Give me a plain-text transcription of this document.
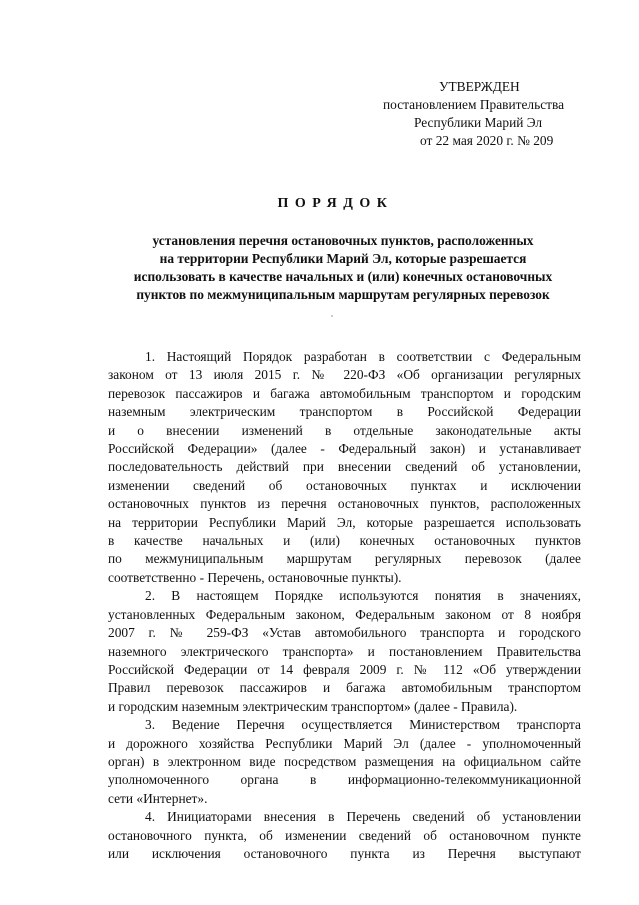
УТВЕРЖДЕН
постановлением Правительства
Республики Марий Эл
от 22 мая 2020 г. № 209
ПОРЯДОК
установления перечня остановочных пунктов, расположенных
на территории Республики Марий Эл, которые разрешается
использовать в качестве начальных и (или) конечных остановочных
пунктов по межмуниципальным маршрутам регулярных перевозок
1. Настоящий Порядок разработан в соответствии с Федеральным
законом от 13 июля 2015 г. № 220-ФЗ «Об организации регулярных
перевозок пассажиров и багажа автомобильным транспортом и городским
наземным электрическим транспортом в Российской Федерации
и о внесении изменений в отдельные законодательные акты
Российской Федерации» (далее - Федеральный закон) и устанавливает
последовательность действий при внесении сведений об установлении,
изменении сведений об остановочных пунктах и исключении
остановочных пунктов из перечня остановочных пунктов, расположенных
на территории Республики Марий Эл, которые разрешается использовать
в качестве начальных и (или) конечных остановочных пунктов
по межмуниципальным маршрутам регулярных перевозок (далее
соответственно - Перечень, остановочные пункты).
2. В настоящем Порядке используются понятия в значениях,
установленных Федеральным законом, Федеральным законом от 8 ноября
2007 г. № 259-ФЗ «Устав автомобильного транспорта и городского
наземного электрического транспорта» и постановлением Правительства
Российской Федерации от 14 февраля 2009 г. № 112 «Об утверждении
Правил перевозок пассажиров и багажа автомобильным транспортом
и городским наземным электрическим транспортом» (далее - Правила).
3. Ведение Перечня осуществляется Министерством транспорта
и дорожного хозяйства Республики Марий Эл (далее - уполномоченный
орган) в электронном виде посредством размещения на официальном сайте
уполномоченного органа в информационно-телекоммуникационной
сети «Интернет».
4. Инициаторами внесения в Перечень сведений об установлении
остановочного пункта, об изменении сведений об остановочном пункте
или исключения остановочного пункта из Перечня выступают
